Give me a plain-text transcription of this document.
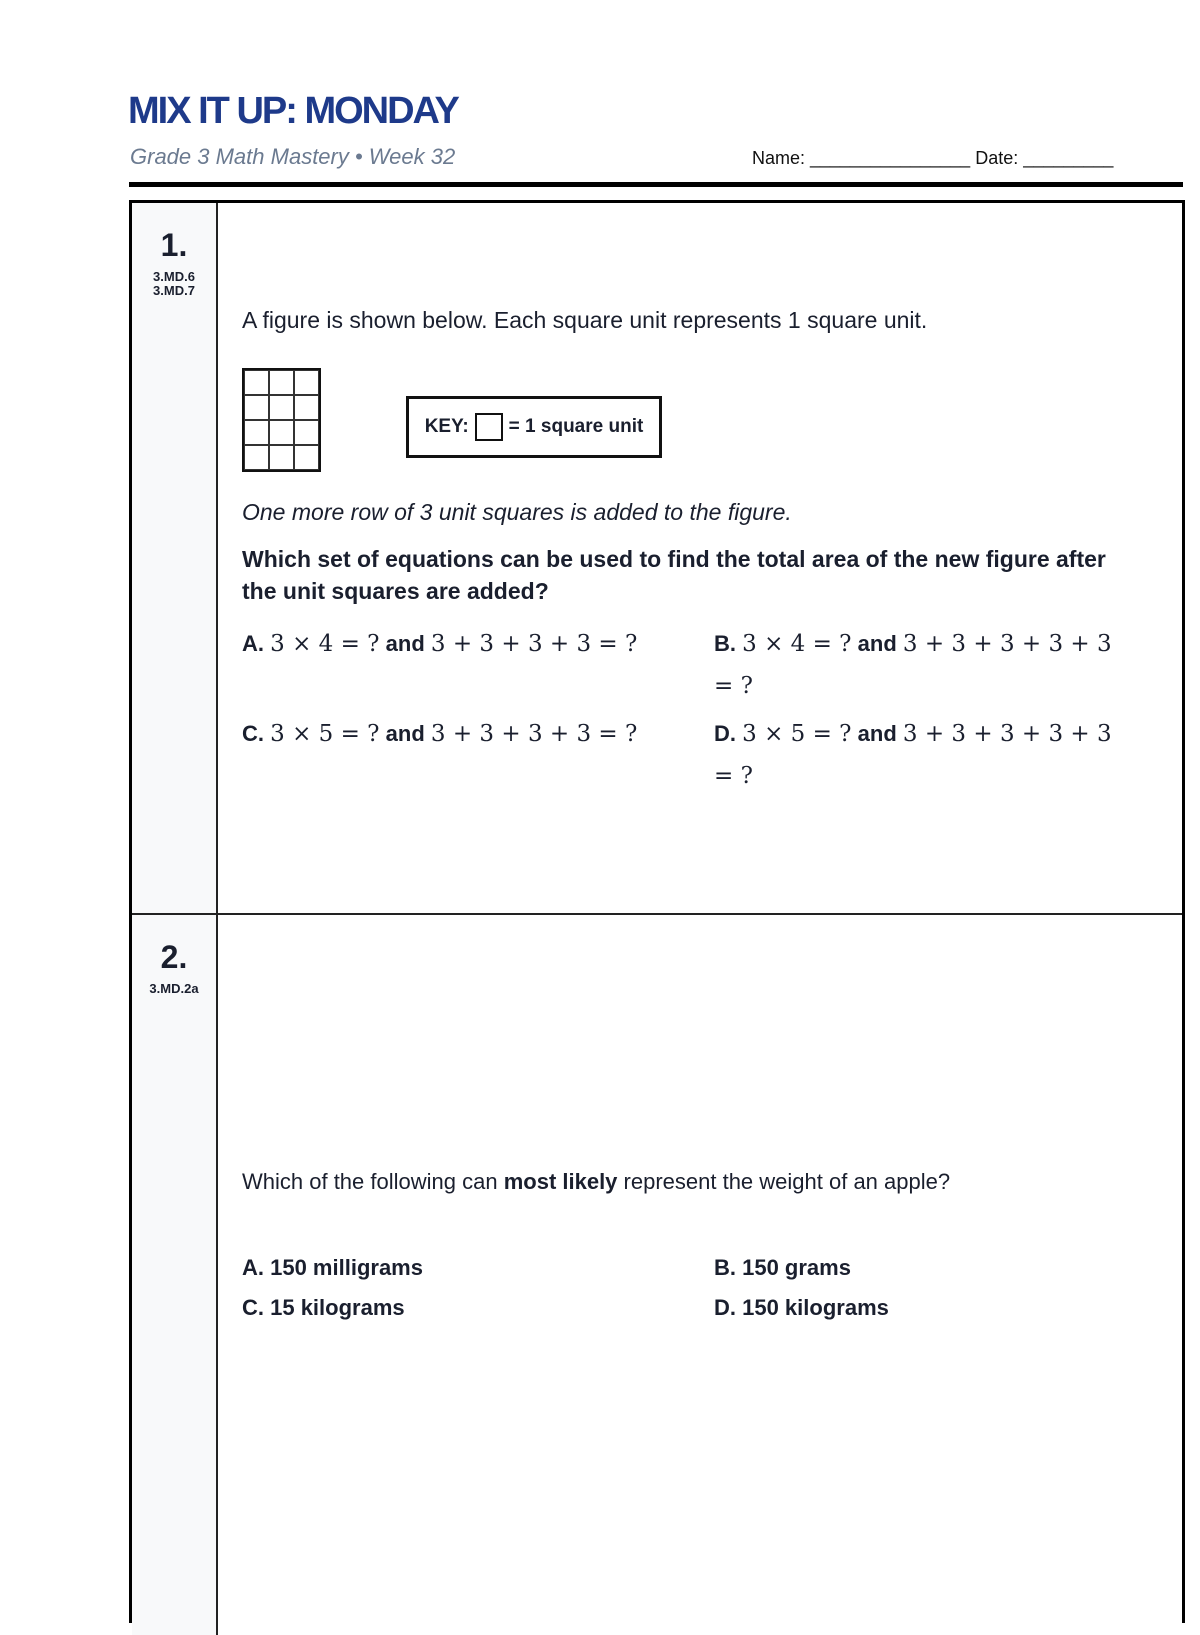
MIX IT UP: MONDAY
Grade 3 Math Mastery • Week 32	Name: ________________ Date: _________
1.
3.MD.6
3.MD.7
A figure is shown below. Each square unit represents 1 square unit.
KEY: = 1 square unit
One more row of 3 unit squares is added to the figure.
Which set of equations can be used to find the total area of the new figure after the unit squares are added?
A. 3 × 4 = ? and 3 + 3 + 3 + 3 = ?	B. 3 × 4 = ? and 3 + 3 + 3 + 3 + 3 = ?
C. 3 × 5 = ? and 3 + 3 + 3 + 3 = ?	D. 3 × 5 = ? and 3 + 3 + 3 + 3 + 3 = ?
2.
3.MD.2a
Which of the following can most likely represent the weight of an apple?
A. 150 milligrams	B. 150 grams
C. 15 kilograms	D. 150 kilograms
